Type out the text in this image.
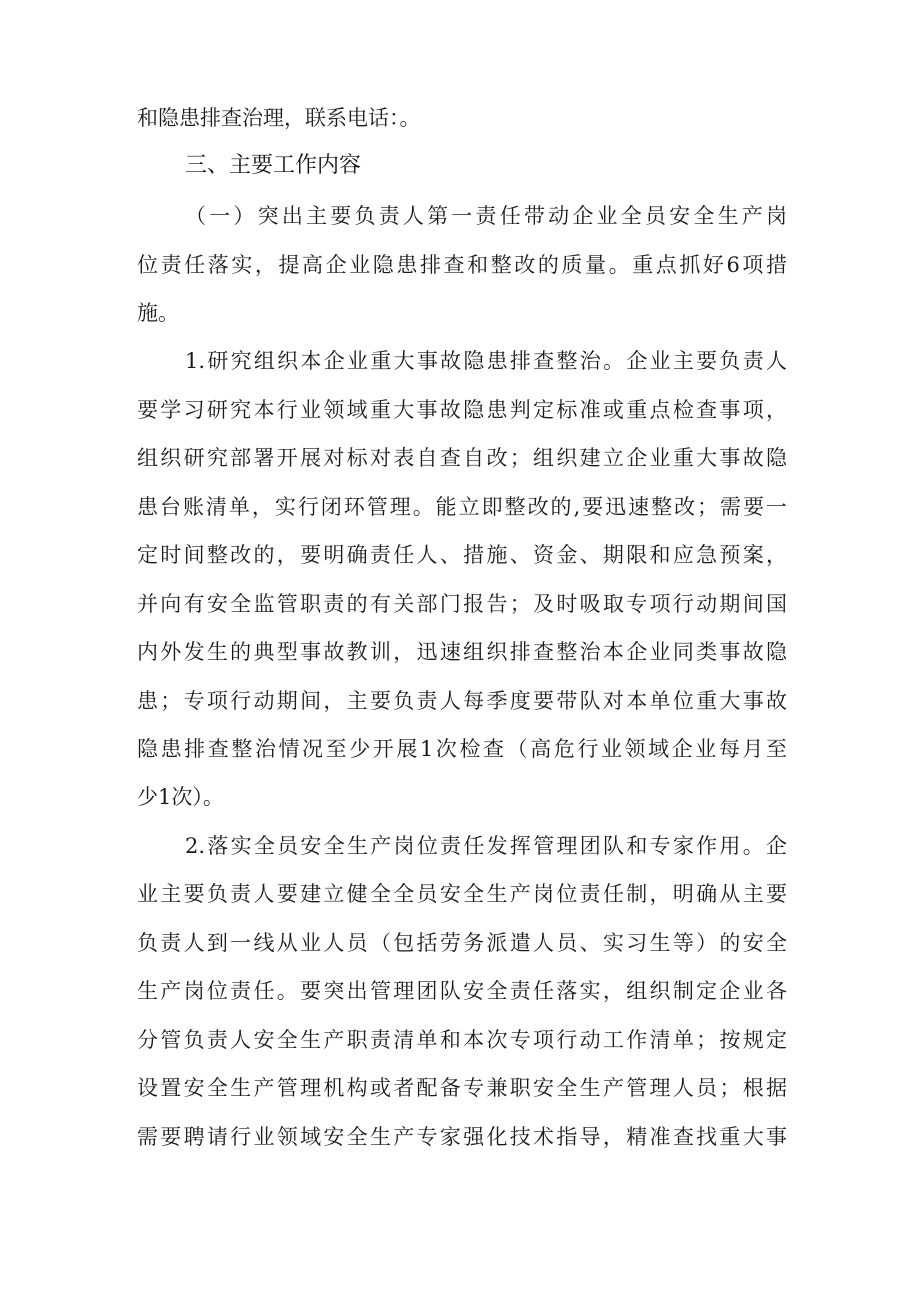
和隐患排查治理，联系电话：。
三、主要工作内容
（一）突出主要负责人第一责任带动企业全员安全生产岗
位责任落实，提高企业隐患排查和整改的质量。重点抓好6项措
施。
1.研究组织本企业重大事故隐患排查整治。企业主要负责人
要学习研究本行业领域重大事故隐患判定标准或重点检查事项，
组织研究部署开展对标对表自查自改；组织建立企业重大事故隐
患台账清单，实行闭环管理。能立即整改的,要迅速整改；需要一
定时间整改的，要明确责任人、措施、资金、期限和应急预案，
并向有安全监管职责的有关部门报告；及时吸取专项行动期间国
内外发生的典型事故教训，迅速组织排查整治本企业同类事故隐
患；专项行动期间，主要负责人每季度要带队对本单位重大事故
隐患排查整治情况至少开展1次检查（高危行业领域企业每月至
少1次）。
2.落实全员安全生产岗位责任发挥管理团队和专家作用。企
业主要负责人要建立健全全员安全生产岗位责任制，明确从主要
负责人到一线从业人员（包括劳务派遣人员、实习生等）的安全
生产岗位责任。要突出管理团队安全责任落实，组织制定企业各
分管负责人安全生产职责清单和本次专项行动工作清单；按规定
设置安全生产管理机构或者配备专兼职安全生产管理人员；根据
需要聘请行业领域安全生产专家强化技术指导，精准查找重大事
